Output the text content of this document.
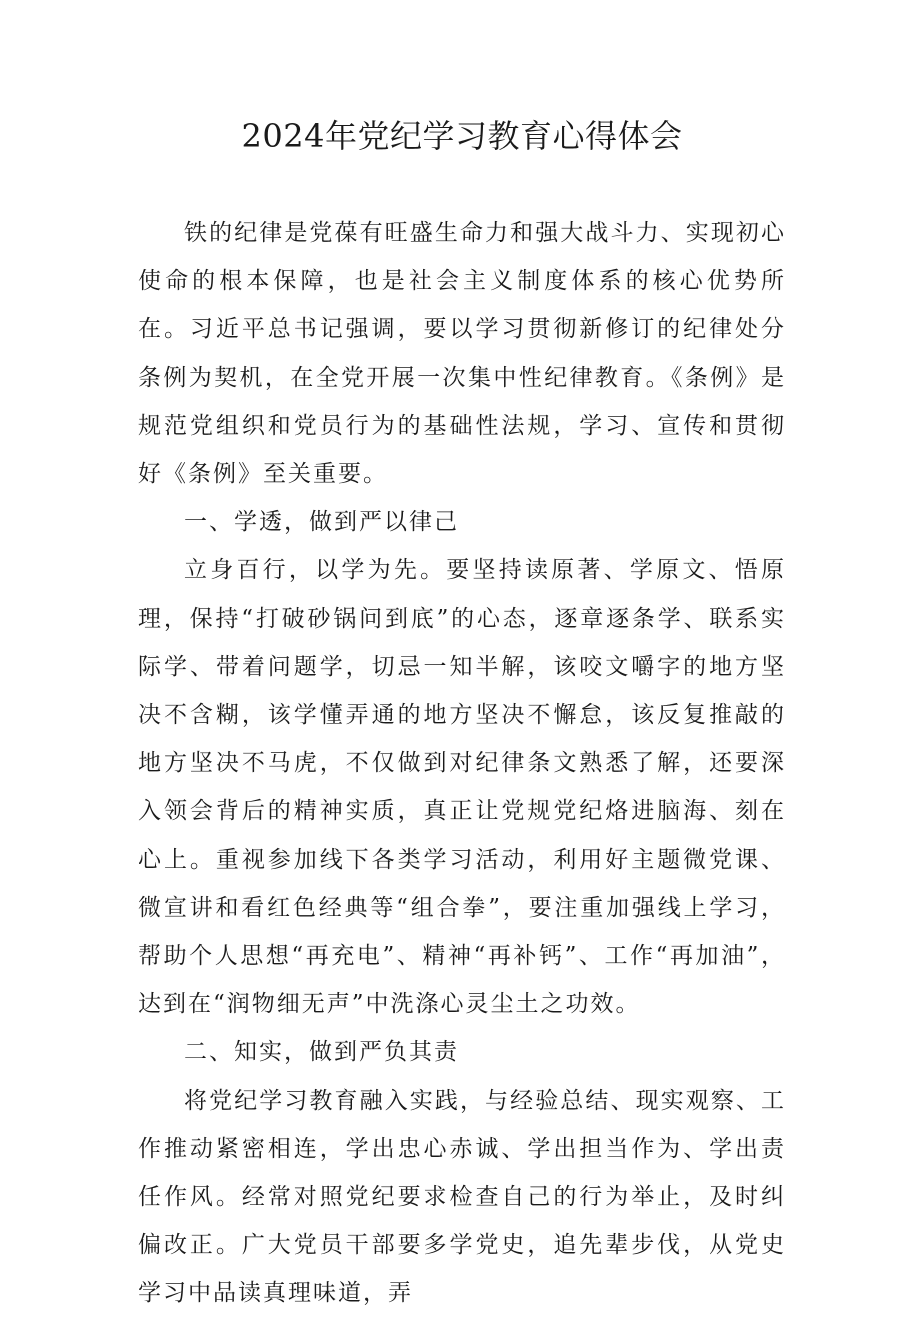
2024年党纪学习教育心得体会

铁的纪律是党葆有旺盛生命力和强大战斗力、实现初心使命的根本保障，也是社会主义制度体系的核心优势所在。习近平总书记强调，要以学习贯彻新修订的纪律处分条例为契机，在全党开展一次集中性纪律教育。《条例》是规范党组织和党员行为的基础性法规，学习、宣传和贯彻好《条例》至关重要。

一、学透，做到严以律己

立身百行，以学为先。要坚持读原著、学原文、悟原理，保持“打破砂锅问到底”的心态，逐章逐条学、联系实际学、带着问题学，切忌一知半解，该咬文嚼字的地方坚决不含糊，该学懂弄通的地方坚决不懈怠，该反复推敲的地方坚决不马虎，不仅做到对纪律条文熟悉了解，还要深入领会背后的精神实质，真正让党规党纪烙进脑海、刻在心上。重视参加线下各类学习活动，利用好主题微党课、微宣讲和看红色经典等“组合拳”，要注重加强线上学习，帮助个人思想“再充电”、精神“再补钙”、工作“再加油”，达到在“润物细无声”中洗涤心灵尘土之功效。

二、知实，做到严负其责

将党纪学习教育融入实践，与经验总结、现实观察、工作推动紧密相连，学出忠心赤诚、学出担当作为、学出责任作风。经常对照党纪要求检查自己的行为举止，及时纠偏改正。广大党员干部要多学党史，追先辈步伐，从党史学习中品读真理味道，弄
